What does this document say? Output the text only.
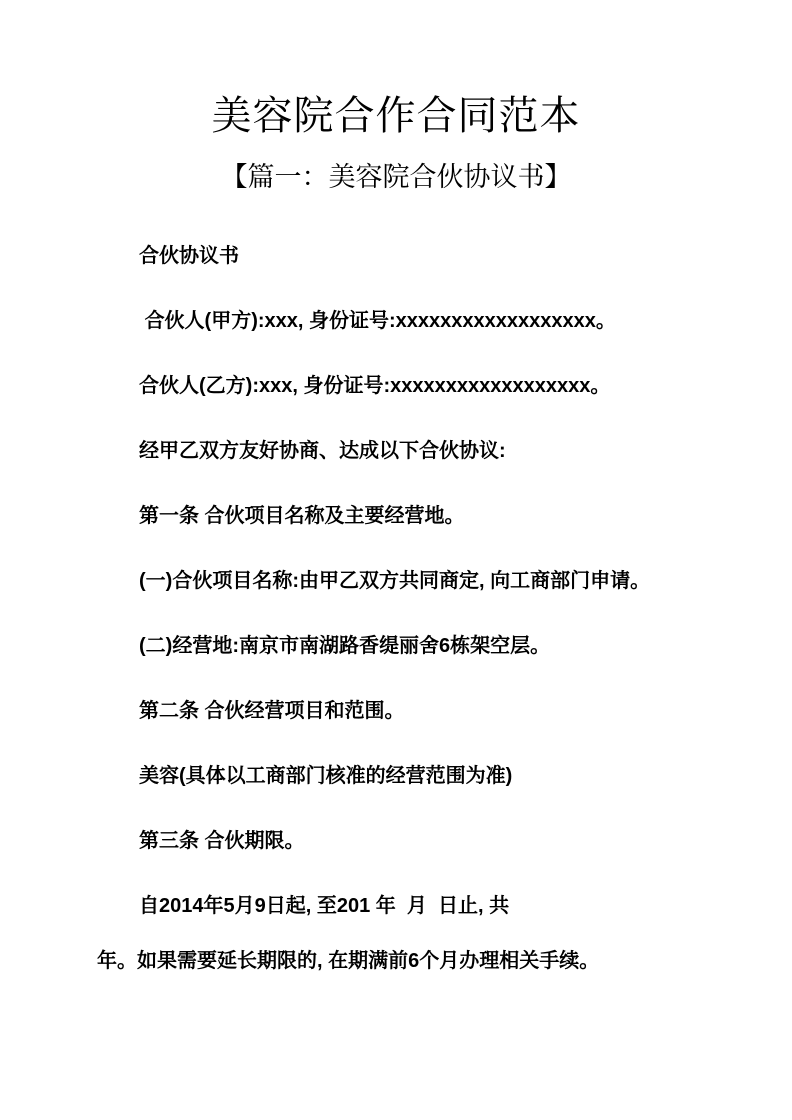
美容院合作合同范本
【篇一：美容院合伙协议书】

合伙协议书

合伙人(甲方):xxx, 身份证号:xxxxxxxxxxxxxxxxxx。

合伙人(乙方):xxx, 身份证号:xxxxxxxxxxxxxxxxxx。

经甲乙双方友好协商、达成以下合伙协议:

第一条 合伙项目名称及主要经营地。

(一)合伙项目名称:由甲乙双方共同商定, 向工商部门申请。

(二)经营地:南京市南湖路香缇丽舍6栋架空层。

第二条 合伙经营项目和范围。

美容(具体以工商部门核准的经营范围为准)

第三条 合伙期限。

自2014年5月9日起, 至201 年  月  日止, 共

年。如果需要延长期限的, 在期满前6个月办理相关手续。
